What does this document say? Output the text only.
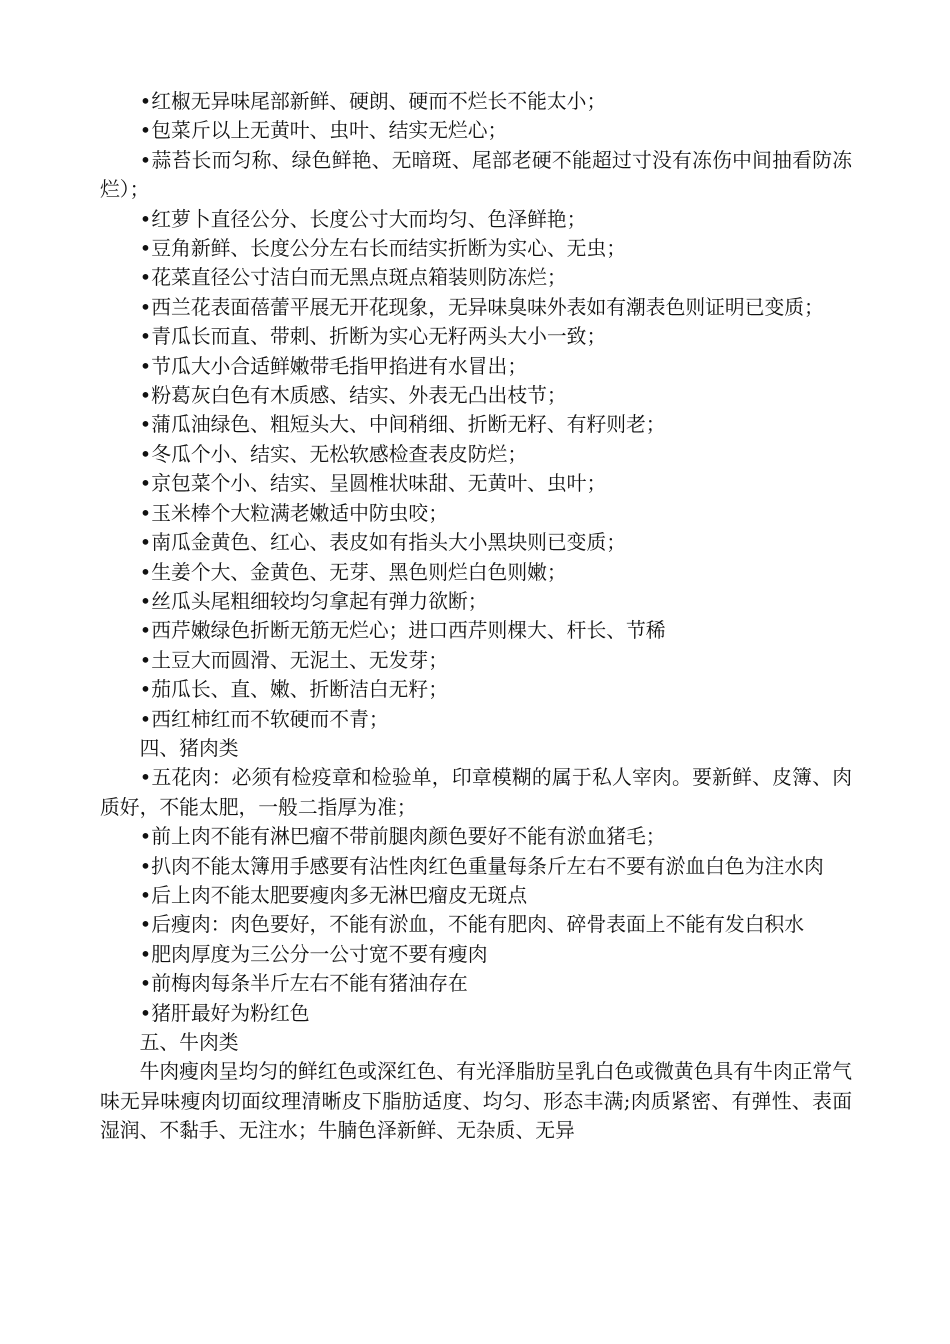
•红椒无异味尾部新鲜、硬朗、硬而不烂长不能太小；

•包菜斤以上无黄叶、虫叶、结实无烂心；

•蒜苔长而匀称、绿色鲜艳、无暗斑、尾部老硬不能超过寸没有冻伤中间抽看防冻烂）；

•红萝卜直径公分、长度公寸大而均匀、色泽鲜艳；

•豆角新鲜、长度公分左右长而结实折断为实心、无虫；

•花菜直径公寸洁白而无黑点斑点箱装则防冻烂；

•西兰花表面蓓蕾平展无开花现象，无异味臭味外表如有潮表色则证明已变质；

•青瓜长而直、带刺、折断为实心无籽两头大小一致；

•节瓜大小合适鲜嫩带毛指甲掐进有水冒出；

•粉葛灰白色有木质感、结实、外表无凸出枝节；

•蒲瓜油绿色、粗短头大、中间稍细、折断无籽、有籽则老；

•冬瓜个小、结实、无松软感检查表皮防烂；

•京包菜个小、结实、呈圆椎状味甜、无黄叶、虫叶；

•玉米棒个大粒满老嫩适中防虫咬；

•南瓜金黄色、红心、表皮如有指头大小黑块则已变质；

•生姜个大、金黄色、无芽、黑色则烂白色则嫩；

•丝瓜头尾粗细较均匀拿起有弹力欲断；

•西芹嫩绿色折断无筋无烂心；进口西芹则棵大、杆长、节稀

•土豆大而圆滑、无泥土、无发芽；

•茄瓜长、直、嫩、折断洁白无籽；

•西红柿红而不软硬而不青；

四、猪肉类

•五花肉：必须有检疫章和检验单，印章模糊的属于私人宰肉。要新鲜、皮簿、肉质好，不能太肥，一般二指厚为准；

•前上肉不能有淋巴瘤不带前腿肉颜色要好不能有淤血猪毛；

•扒肉不能太簿用手感要有沾性肉红色重量每条斤左右不要有淤血白色为注水肉

•后上肉不能太肥要瘦肉多无淋巴瘤皮无斑点

•后瘦肉：肉色要好，不能有淤血，不能有肥肉、碎骨表面上不能有发白积水

•肥肉厚度为三公分一公寸宽不要有瘦肉

•前梅肉每条半斤左右不能有猪油存在

•猪肝最好为粉红色

五、牛肉类

牛肉瘦肉呈均匀的鲜红色或深红色、有光泽脂肪呈乳白色或微黄色具有牛肉正常气味无异味瘦肉切面纹理清晰皮下脂肪适度、均匀、形态丰满;肉质紧密、有弹性、表面湿润、不黏手、无注水；牛腩色泽新鲜、无杂质、无异
